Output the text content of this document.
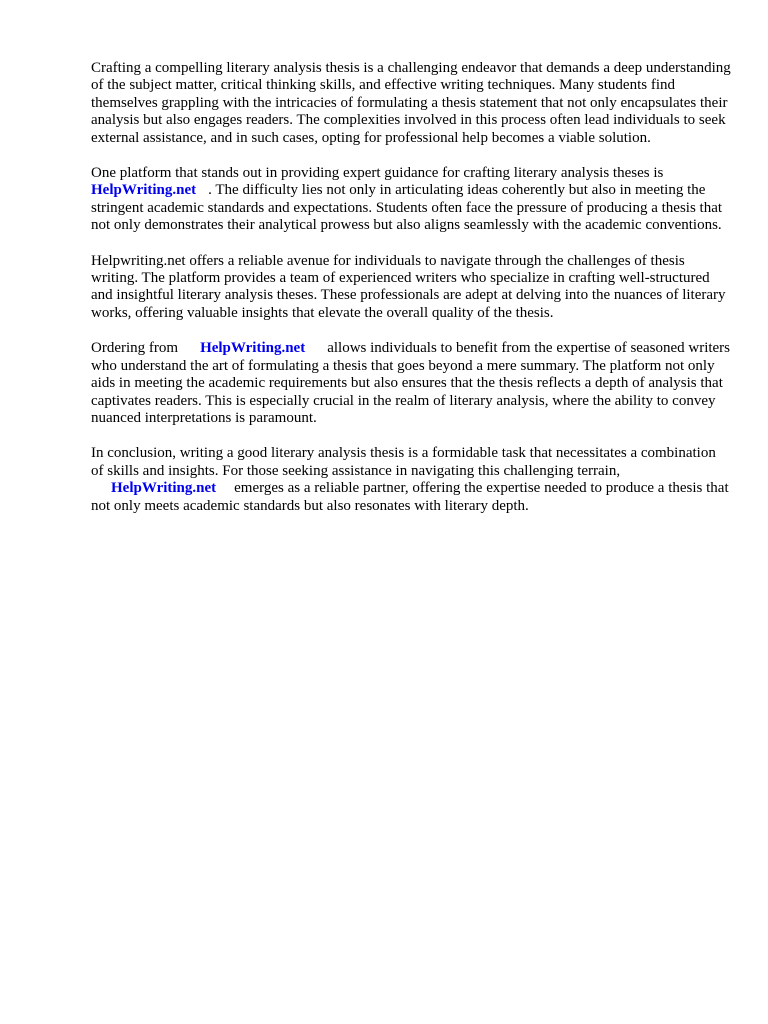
Crafting a compelling literary analysis thesis is a challenging endeavor that demands a deep understanding of the subject matter, critical thinking skills, and effective writing techniques. Many students find themselves grappling with the intricacies of formulating a thesis statement that not only encapsulates their analysis but also engages readers. The complexities involved in this process often lead individuals to seek external assistance, and in such cases, opting for professional help becomes a viable solution.

One platform that stands out in providing expert guidance for crafting literary analysis theses is
HelpWriting.net . The difficulty lies not only in articulating ideas coherently but also in meeting the stringent academic standards and expectations. Students often face the pressure of producing a thesis that not only demonstrates their analytical prowess but also aligns seamlessly with the academic conventions.

Helpwriting.net offers a reliable avenue for individuals to navigate through the challenges of thesis writing. The platform provides a team of experienced writers who specialize in crafting well-structured and insightful literary analysis theses. These professionals are adept at delving into the nuances of literary works, offering valuable insights that elevate the overall quality of the thesis.

Ordering from HelpWriting.net allows individuals to benefit from the expertise of seasoned writers who understand the art of formulating a thesis that goes beyond a mere summary. The platform not only aids in meeting the academic requirements but also ensures that the thesis reflects a depth of analysis that captivates readers. This is especially crucial in the realm of literary analysis, where the ability to convey nuanced interpretations is paramount.

In conclusion, writing a good literary analysis thesis is a formidable task that necessitates a combination of skills and insights. For those seeking assistance in navigating this challenging terrain,
HelpWriting.net emerges as a reliable partner, offering the expertise needed to produce a thesis that not only meets academic standards but also resonates with literary depth.
